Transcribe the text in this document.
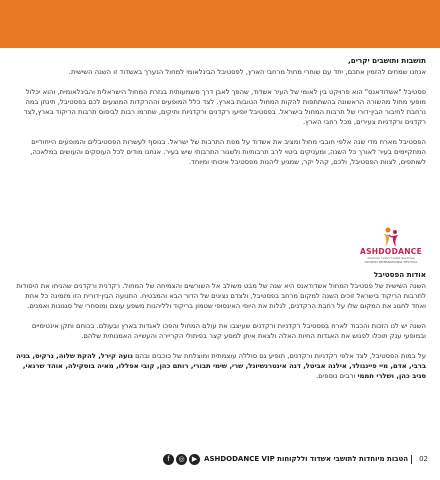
תושבות ותושבים יקרים,

אנחנו שמחים להזמין אתכם, יחד עם שוחרי מחול מרחבי הארץ, לפסטיבל הבינלאומי למחול הנערך באשדוד זו השנה השישית.

פסטיבל "אשדודאנס" הוא פרויקט בין לאומי של העיר אשדוד, שהפך לאבן דרך משמעותית בגזרת המחול הישראלית והבינלאומית, והוא יכלול מופעי מחול מהשורה הראשונה בהשתתפות להקות המחול הטובות בארץ. לצד כלל המופעים וההרקדות המוצעים לכם בפסטיבל, תינתן במה נרחבת לחיבור הבין-דורי של תרבות המחול בישראל. בפסטיבל יופיעו רקדנים ורקדניות ותיקים, שתרמו רבות לביסוס תרבות הריקוד בארץ,לצד רקדנים ורקדניות צעירים, מכל רחבי הארץ.

הפסטיבל מארח מדי שנה אלפי חובבי מחול ומציב את אשדוד על מפת התרבות של ישראל. בנוסף לעשרות הפסטיבלים והמופעים הייחודיים המתקיימים בעיר לאורך כל השנה, ומעניקים ביטוי לרב תרבותיות ולשגור התרבותי שיש בעיר. אנחנו מודים לכל העוסקים והעושים במלאכה, לשותפים, לצוות הפסטיבל, ולכם, קהל יקר, שמגיע ליהנות מפסטיבל איכותי ומיוחד.

ASHDODANCE
אשדודאנס פסטיבל המחול הבינלאומי
ASHDOD INTERNATIONAL FESTIVAL
אודות הפסטיבל

השנה השישית של פסטיבל המחול אשדודאנס היא שנה של מבט משולב אל השורשים והצמיחה של המחול. רקדנית ורקדנים שהניחו את היסודות לתרבות הריקוד בישראל זוכים השנה למקום מרחב בפסטיבל, ולצדם נציגים של הדור הבא והמבטיח. התנועה הבין-דורית הזו מזמינה כל אחת ואחד לחגוג את המקום שלו על רחבת הרקדנים, לגלות את היופי האינסופי שטמון בריקוד ולליהנות משפע עוצם ומוסחרי של סגנונות ואמנים.

השנה יש לנו הזכות והכבוד לארח בפסטיבל רקדניות ורקדנים שעיצבו את עולם המחול והפכו לאגדות בארץ ובעולם. בכוחם ותקן אינטימיים ובמופעי ענק תוכלו לפגוש את האגדות החיות האלה ולצאת איתן למסע קצר בפיתולי הקריירה והעשייה האמנותית שלהם.

על במות הפסטיבל, לצד אלפי רקדניות ורקדנים, תופיע גם סוללה עוצמתית ומוצלחת של כוכבים ובהם נועה קירל, להקת שלוה, נרקיס, בניה ברבי, אדם, מיי פיינגולד, אילנה אביטל, דנה אינטרנשיונל, שרי, שימי תבורי, רותם כהן, קובי אפללו, מאיה בוסקילה, אוהד שרגאי, סגיב כהן, ושלרי חממי ורבים נוספים.

02
הטבות מיוחדות לתושבי אשדוד וללקוחות ASHDODANCE VIP
f	◎	▶
